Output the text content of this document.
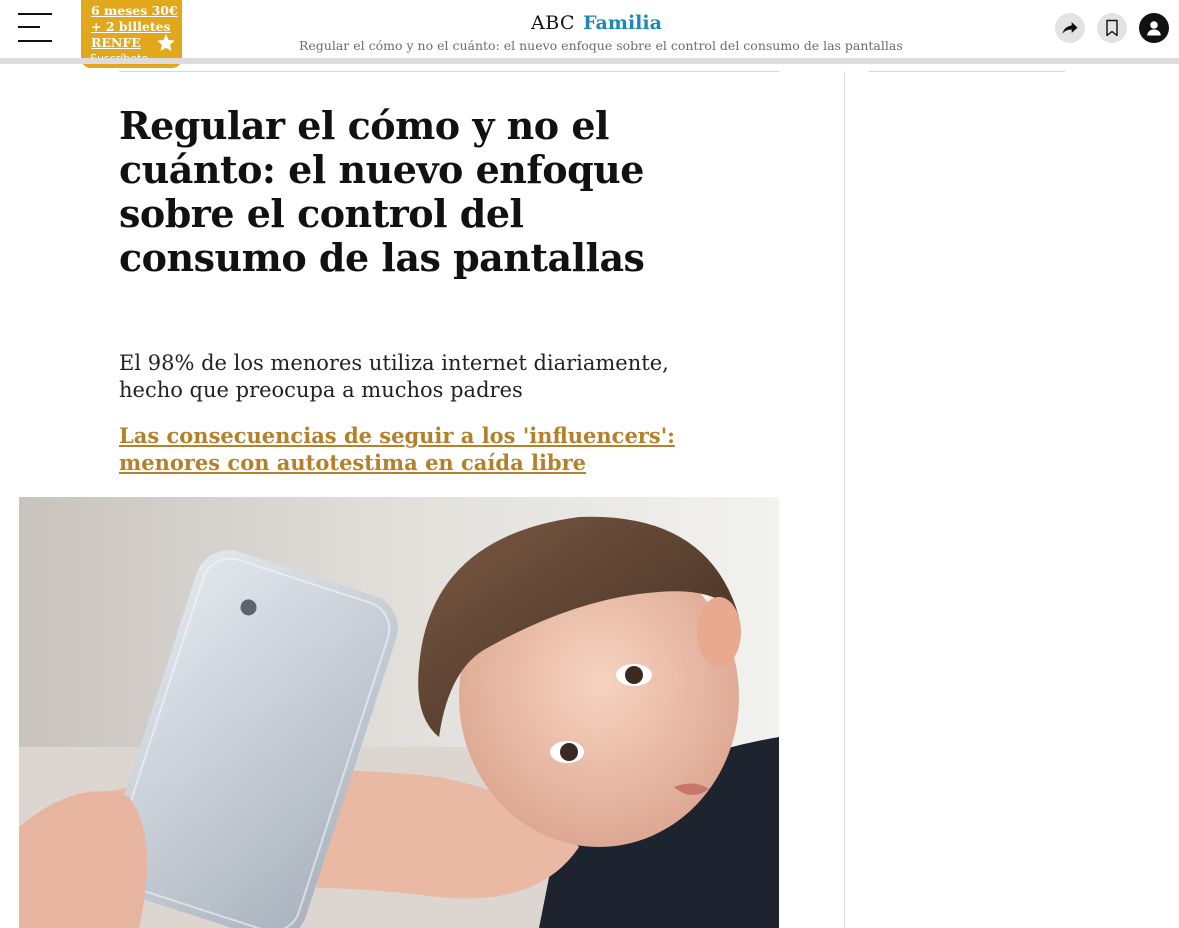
6 meses 30€
+ 2 billetes
RENFE
ABC Familia
Regular el cómo y no el cuánto: el nuevo enfoque sobre el control del consumo de las pantallas
Regular el cómo y no el cuánto: el nuevo enfoque sobre el control del consumo de las pantallas

El 98% de los menores utiliza internet diariamente, hecho que preocupa a muchos padres

Las consecuencias de seguir a los 'influencers': menores con autotestima en caída libre
